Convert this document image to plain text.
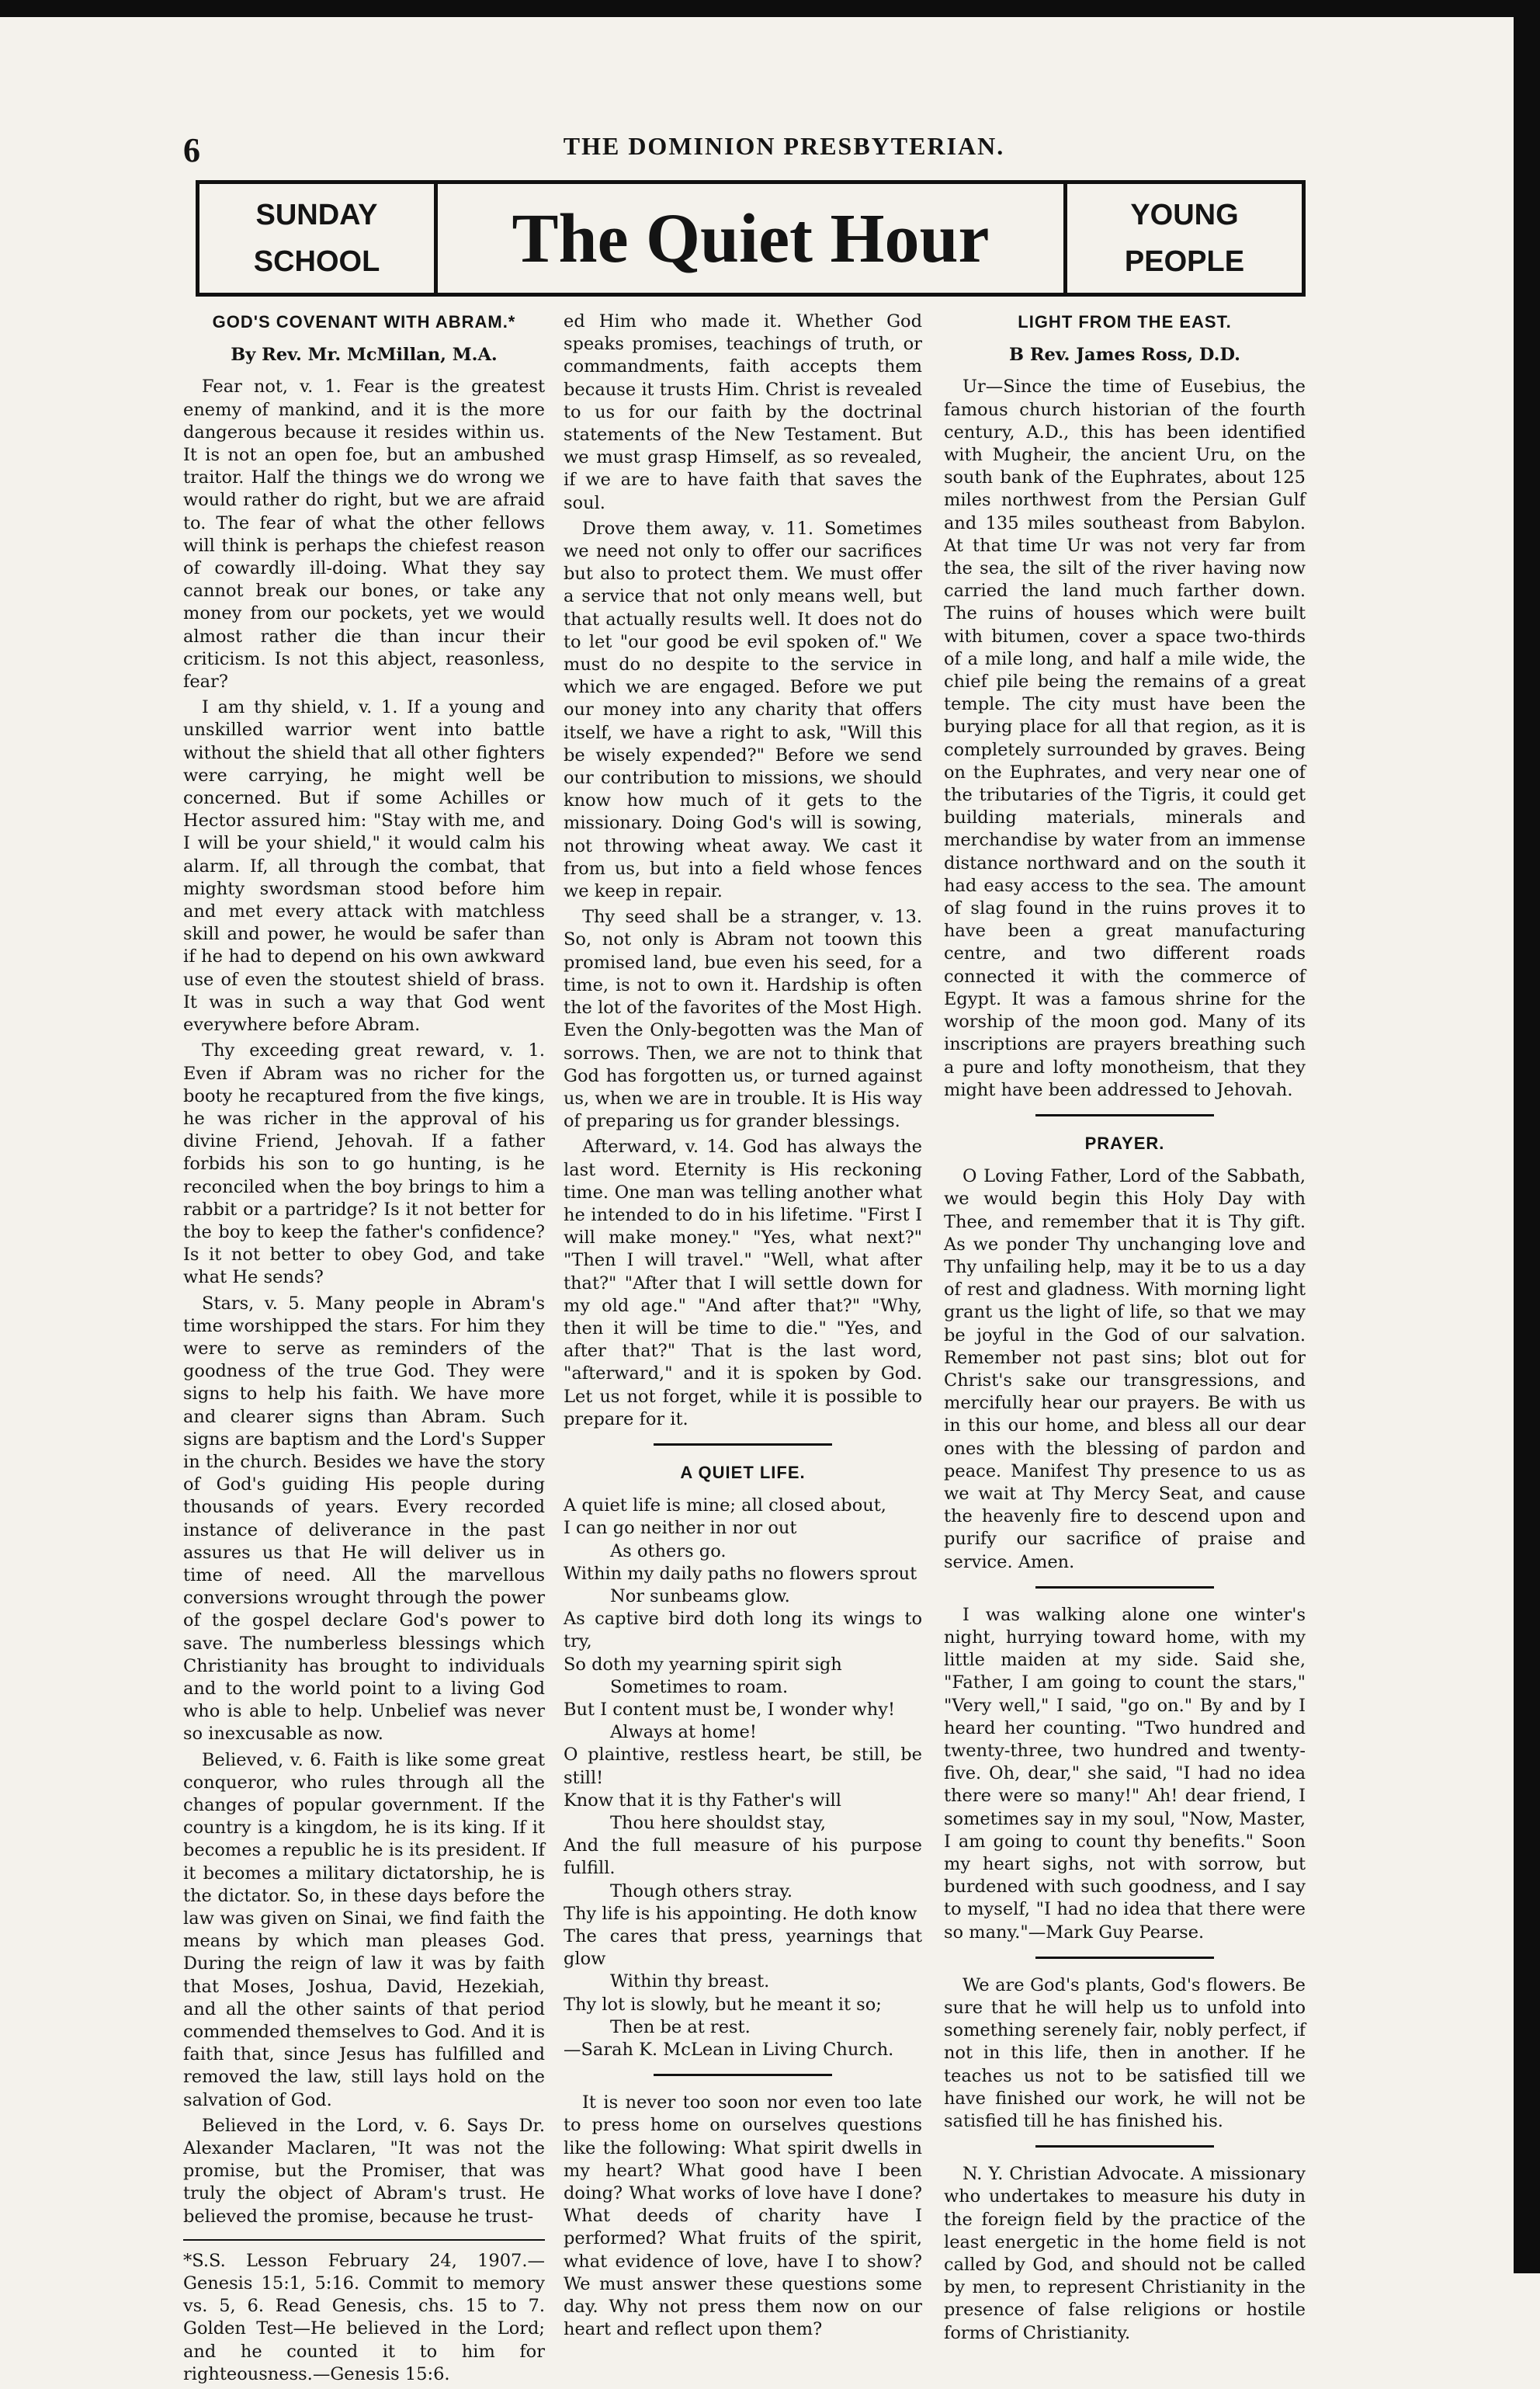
6	THE DOMINION PRESBYTERIAN.
SUNDAY
SCHOOL	The Quiet Hour	YOUNG
PEOPLE
GOD'S COVENANT WITH ABRAM.*

By Rev. Mr. McMillan, M.A.

Fear not, v. 1. Fear is the greatest enemy of mankind, and it is the more dangerous because it resides within us. It is not an open foe, but an ambushed traitor. Half the things we do wrong we would rather do right, but we are afraid to. The fear of what the other fellows will think is perhaps the chiefest reason of cowardly ill-doing. What they say cannot break our bones, or take any money from our pockets, yet we would almost rather die than incur their criticism. Is not this abject, reasonless, fear?

I am thy shield, v. 1. If a young and unskilled warrior went into battle without the shield that all other fighters were carrying, he might well be concerned. But if some Achilles or Hector assured him: "Stay with me, and I will be your shield," it would calm his alarm. If, all through the combat, that mighty swordsman stood before him and met every attack with matchless skill and power, he would be safer than if he had to depend on his own awkward use of even the stoutest shield of brass. It was in such a way that God went everywhere before Abram.

Thy exceeding great reward, v. 1. Even if Abram was no richer for the booty he recaptured from the five kings, he was richer in the approval of his divine Friend, Jehovah. If a father forbids his son to go hunting, is he reconciled when the boy brings to him a rabbit or a partridge? Is it not better for the boy to keep the father's confidence? Is it not better to obey God, and take what He sends?

Stars, v. 5. Many people in Abram's time worshipped the stars. For him they were to serve as reminders of the goodness of the true God. They were signs to help his faith. We have more and clearer signs than Abram. Such signs are baptism and the Lord's Supper in the church. Besides we have the story of God's guiding His people during thousands of years. Every recorded instance of deliverance in the past assures us that He will deliver us in time of need. All the marvellous conversions wrought through the power of the gospel declare God's power to save. The numberless blessings which Christianity has brought to individuals and to the world point to a living God who is able to help. Unbelief was never so inexcusable as now.

Believed, v. 6. Faith is like some great conqueror, who rules through all the changes of popular government. If the country is a kingdom, he is its king. If it becomes a republic he is its president. If it becomes a military dictatorship, he is the dictator. So, in these days before the law was given on Sinai, we find faith the means by which man pleases God. During the reign of law it was by faith that Moses, Joshua, David, Hezekiah, and all the other saints of that period commended themselves to God. And it is faith that, since Jesus has fulfilled and removed the law, still lays hold on the salvation of God.

Believed in the Lord, v. 6. Says Dr. Alexander Maclaren, "It was not the promise, but the Promiser, that was truly the object of Abram's trust. He believed the promise, because he trust-

*S.S. Lesson February 24, 1907.—Genesis 15:1, 5:16. Commit to memory vs. 5, 6. Read Genesis, chs. 15 to 7. Golden Test—He believed in the Lord; and he counted it to him for righteousness.—Genesis 15:6.

ed Him who made it. Whether God speaks promises, teachings of truth, or commandments, faith accepts them because it trusts Him. Christ is revealed to us for our faith by the doctrinal statements of the New Testament. But we must grasp Himself, as so revealed, if we are to have faith that saves the soul.

Drove them away, v. 11. Sometimes we need not only to offer our sacrifices but also to protect them. We must offer a service that not only means well, but that actually results well. It does not do to let "our good be evil spoken of." We must do no despite to the service in which we are engaged. Before we put our money into any charity that offers itself, we have a right to ask, "Will this be wisely expended?" Before we send our contribution to missions, we should know how much of it gets to the missionary. Doing God's will is sowing, not throwing wheat away. We cast it from us, but into a field whose fences we keep in repair.

Thy seed shall be a stranger, v. 13. So, not only is Abram not toown this promised land, bue even his seed, for a time, is not to own it. Hardship is often the lot of the favorites of the Most High. Even the Only-begotten was the Man of sorrows. Then, we are not to think that God has forgotten us, or turned against us, when we are in trouble. It is His way of preparing us for grander blessings.

Afterward, v. 14. God has always the last word. Eternity is His reckoning time. One man was telling another what he intended to do in his lifetime. "First I will make money." "Yes, what next?" "Then I will travel." "Well, what after that?" "After that I will settle down for my old age." "And after that?" "Why, then it will be time to die." "Yes, and after that?" That is the last word, "afterward," and it is spoken by God. Let us not forget, while it is possible to prepare for it.

A QUIET LIFE.
A quiet life is mine; all closed about,
I can go neither in nor out
As others go.
Within my daily paths no flowers sprout
Nor sunbeams glow.
As captive bird doth long its wings to try,
So doth my yearning spirit sigh
Sometimes to roam.
But I content must be, I wonder why!
Always at home!
O plaintive, restless heart, be still, be still!
Know that it is thy Father's will
Thou here shouldst stay,
And the full measure of his purpose fulfill.
Though others stray.
Thy life is his appointing. He doth know
The cares that press, yearnings that glow
Within thy breast.
Thy lot is slowly, but he meant it so;
Then be at rest.
—Sarah K. McLean in Living Church.

It is never too soon nor even too late to press home on ourselves questions like the following: What spirit dwells in my heart? What good have I been doing? What works of love have I done? What deeds of charity have I performed? What fruits of the spirit, what evidence of love, have I to show? We must answer these questions some day. Why not press them now on our heart and reflect upon them?

LIGHT FROM THE EAST.

B Rev. James Ross, D.D.

Ur—Since the time of Eusebius, the famous church historian of the fourth century, A.D., this has been identified with Mugheir, the ancient Uru, on the south bank of the Euphrates, about 125 miles northwest from the Persian Gulf and 135 miles southeast from Babylon. At that time Ur was not very far from the sea, the silt of the river having now carried the land much farther down. The ruins of houses which were built with bitumen, cover a space two-thirds of a mile long, and half a mile wide, the chief pile being the remains of a great temple. The city must have been the burying place for all that region, as it is completely surrounded by graves. Being on the Euphrates, and very near one of the tributaries of the Tigris, it could get building materials, minerals and merchandise by water from an immense distance northward and on the south it had easy access to the sea. The amount of slag found in the ruins proves it to have been a great manufacturing centre, and two different roads connected it with the commerce of Egypt. It was a famous shrine for the worship of the moon god. Many of its inscriptions are prayers breathing such a pure and lofty monotheism, that they might have been addressed to Jehovah.

PRAYER.

O Loving Father, Lord of the Sabbath, we would begin this Holy Day with Thee, and remember that it is Thy gift. As we ponder Thy unchanging love and Thy unfailing help, may it be to us a day of rest and gladness. With morning light grant us the light of life, so that we may be joyful in the God of our salvation. Remember not past sins; blot out for Christ's sake our transgressions, and mercifully hear our prayers. Be with us in this our home, and bless all our dear ones with the blessing of pardon and peace. Manifest Thy presence to us as we wait at Thy Mercy Seat, and cause the heavenly fire to descend upon and purify our sacrifice of praise and service. Amen.

I was walking alone one winter's night, hurrying toward home, with my little maiden at my side. Said she, "Father, I am going to count the stars," "Very well," I said, "go on." By and by I heard her counting. "Two hundred and twenty-three, two hundred and twenty-five. Oh, dear," she said, "I had no idea there were so many!" Ah! dear friend, I sometimes say in my soul, "Now, Master, I am going to count thy benefits." Soon my heart sighs, not with sorrow, but burdened with such goodness, and I say to myself, "I had no idea that there were so many."—Mark Guy Pearse.

We are God's plants, God's flowers. Be sure that he will help us to unfold into something serenely fair, nobly perfect, if not in this life, then in another. If he teaches us not to be satisfied till we have finished our work, he will not be satisfied till he has finished his.

N. Y. Christian Advocate. A missionary who undertakes to measure his duty in the foreign field by the practice of the least energetic in the home field is not called by God, and should not be called by men, to represent Christianity in the presence of false religions or hostile forms of Christianity.
